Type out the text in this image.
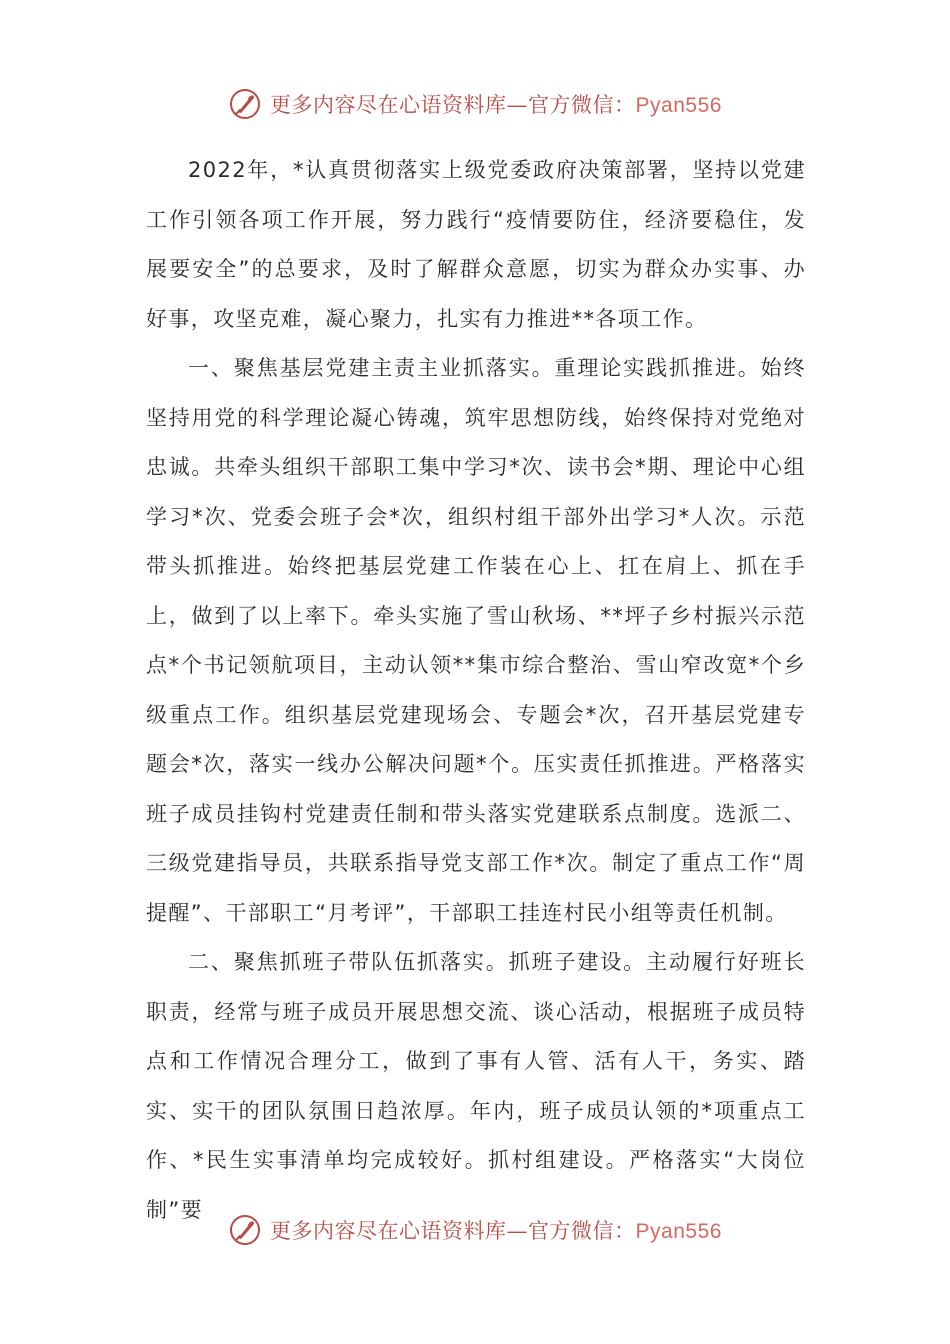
更多内容尽在心语资料库—官方微信：Pyan556

2022年，*认真贯彻落实上级党委政府决策部署，坚持以党建工作引领各项工作开展，努力践行“疫情要防住，经济要稳住，发展要安全”的总要求，及时了解群众意愿，切实为群众办实事、办好事，攻坚克难，凝心聚力，扎实有力推进**各项工作。

一、聚焦基层党建主责主业抓落实。重理论实践抓推进。始终坚持用党的科学理论凝心铸魂，筑牢思想防线，始终保持对党绝对忠诚。共牵头组织干部职工集中学习*次、读书会*期、理论中心组学习*次、党委会班子会*次，组织村组干部外出学习*人次。示范带头抓推进。始终把基层党建工作装在心上、扛在肩上、抓在手上，做到了以上率下。牵头实施了雪山秋场、**坪子乡村振兴示范点*个书记领航项目，主动认领**集市综合整治、雪山窄改宽*个乡级重点工作。组织基层党建现场会、专题会*次，召开基层党建专题会*次，落实一线办公解决问题*个。压实责任抓推进。严格落实班子成员挂钩村党建责任制和带头落实党建联系点制度。选派二、三级党建指导员，共联系指导党支部工作*次。制定了重点工作“周提醒”、干部职工“月考评”，干部职工挂连村民小组等责任机制。

二、聚焦抓班子带队伍抓落实。抓班子建设。主动履行好班长职责，经常与班子成员开展思想交流、谈心活动，根据班子成员特点和工作情况合理分工，做到了事有人管、活有人干，务实、踏实、实干的团队氛围日趋浓厚。年内，班子成员认领的*项重点工作、*民生实事清单均完成较好。抓村组建设。严格落实“大岗位制”要

更多内容尽在心语资料库—官方微信：Pyan556
